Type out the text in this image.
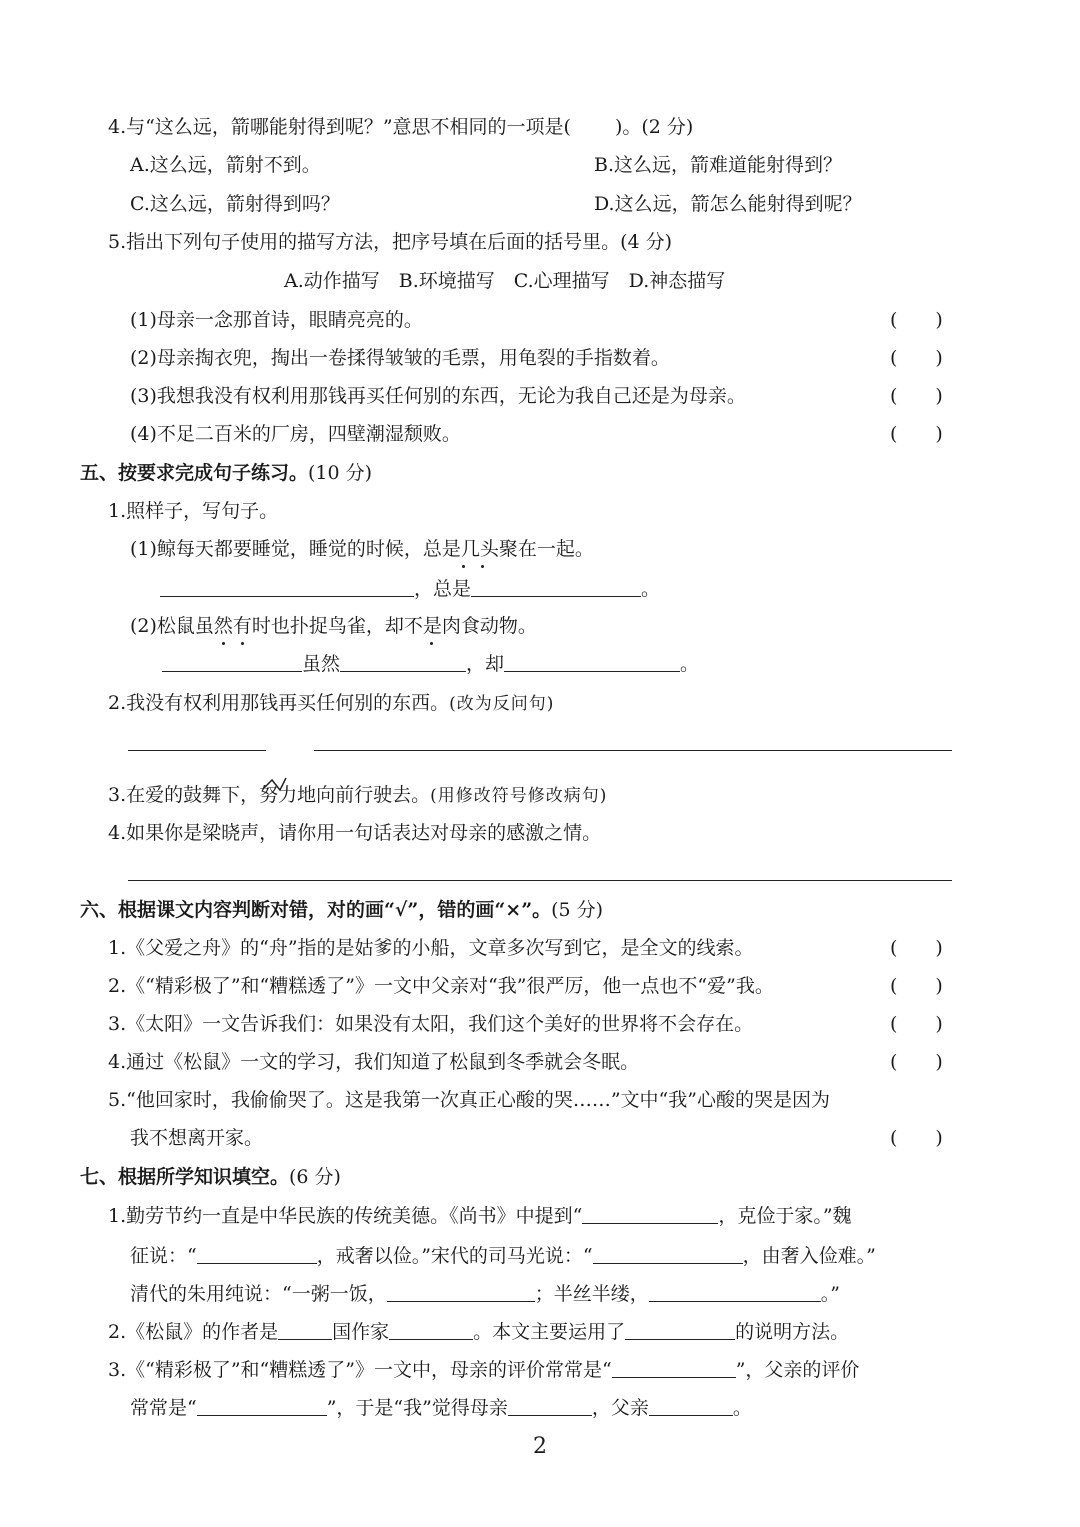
4.与“这么远，箭哪能射得到呢？”意思不相同的一项是( )。(2 分)
A.这么远，箭射不到。	B.这么远，箭难道能射得到？
C.这么远，箭射得到吗？	D.这么远，箭怎么能射得到呢？
5.指出下列句子使用的描写方法，把序号填在后面的括号里。(4 分)
A.动作描写　B.环境描写　C.心理描写　D.神态描写
(1)母亲一念那首诗，眼睛亮亮的。	(　　)
(2)母亲掏衣兜，掏出一卷揉得皱皱的毛票，用龟裂的手指数着。	(　　)
(3)我想我没有权利用那钱再买任何别的东西，无论为我自己还是为母亲。	(　　)
(4)不足二百米的厂房，四壁潮湿颓败。	(　　)
五、按要求完成句子练习。(10 分)
1.照样子，写句子。
(1)鲸每天都要睡觉，睡觉的时候，总是几头聚在一起。
，总是	。
(2)松鼠虽然有时也扑捉鸟雀，却不是肉食动物。
虽然	，却	。
2.我没有权利用那钱再买任何别的东西。(改为反问句)
3.在爱的鼓舞下，努力地向前行驶去。(用修改符号修改病句)
4.如果你是梁晓声，请你用一句话表达对母亲的感激之情。
六、根据课文内容判断对错，对的画“√”，错的画“×”。(5 分)
1.《父爱之舟》的“舟”指的是姑爹的小船，文章多次写到它，是全文的线索。	(　　)
2.《“精彩极了”和“糟糕透了”》一文中父亲对“我”很严厉，他一点也不“爱”我。	(　　)
3.《太阳》一文告诉我们：如果没有太阳，我们这个美好的世界将不会存在。	(　　)
4.通过《松鼠》一文的学习，我们知道了松鼠到冬季就会冬眠。	(　　)
5.“他回家时，我偷偷哭了。这是我第一次真正心酸的哭……”文中“我”心酸的哭是因为
我不想离开家。	(　　)
七、根据所学知识填空。(6 分)
1.勤劳节约一直是中华民族的传统美德。《尚书》中提到“	，克俭于家。”魏
征说：“	，戒奢以俭。”宋代的司马光说：“	，由奢入俭难。”
清代的朱用纯说：“一粥一饭，	；半丝半缕，	。”
2.《松鼠》的作者是	国作家	。本文主要运用了	的说明方法。
3.《“精彩极了”和“糟糕透了”》一文中，母亲的评价常常是“	”，父亲的评价
常常是“	”，于是“我”觉得母亲	，父亲	。
2
